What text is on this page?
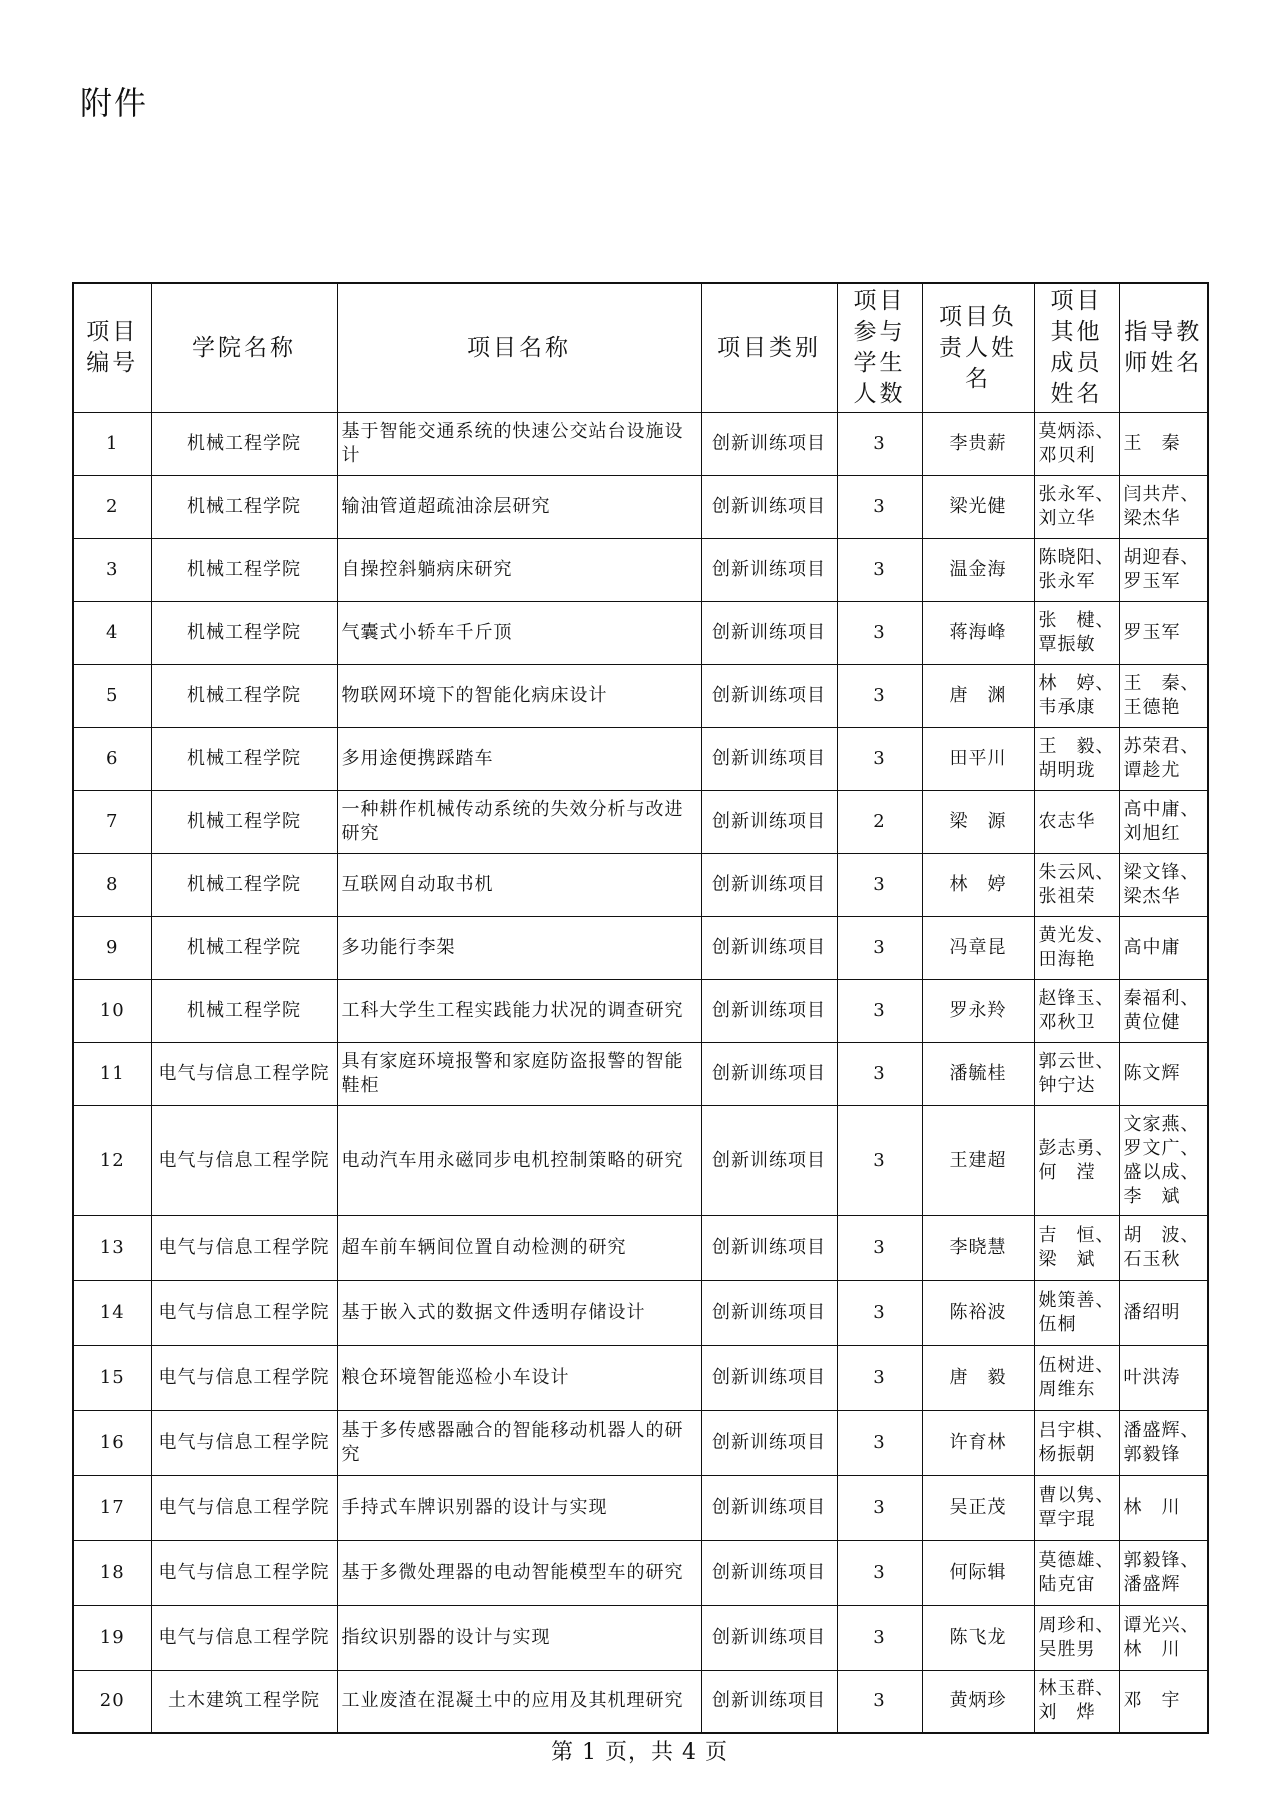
附件
项目编号	学院名称	项目名称	项目类别	项目参与学生人数	项目负责人姓名	项目其他成员姓名	指导教师姓名
1	机械工程学院	基于智能交通系统的快速公交站台设施设计	创新训练项目	3	李贵薪	莫炳添、邓贝利	王　秦
2	机械工程学院	输油管道超疏油涂层研究	创新训练项目	3	梁光健	张永军、刘立华	闫共芹、梁杰华
3	机械工程学院	自操控斜躺病床研究	创新训练项目	3	温金海	陈晓阳、张永军	胡迎春、罗玉军
4	机械工程学院	气囊式小轿车千斤顶	创新训练项目	3	蒋海峰	张　楗、覃振敏	罗玉军
5	机械工程学院	物联网环境下的智能化病床设计	创新训练项目	3	唐　渊	林　婷、韦承康	王　秦、王德艳
6	机械工程学院	多用途便携踩踏车	创新训练项目	3	田平川	王　毅、胡明珑	苏荣君、谭趁尤
7	机械工程学院	一种耕作机械传动系统的失效分析与改进研究	创新训练项目	2	梁　源	农志华	高中庸、刘旭红
8	机械工程学院	互联网自动取书机	创新训练项目	3	林　婷	朱云风、张祖荣	梁文锋、梁杰华
9	机械工程学院	多功能行李架	创新训练项目	3	冯章昆	黄光发、田海艳	高中庸
10	机械工程学院	工科大学生工程实践能力状况的调查研究	创新训练项目	3	罗永羚	赵锋玉、邓秋卫	秦福利、黄位健
11	电气与信息工程学院	具有家庭环境报警和家庭防盗报警的智能鞋柜	创新训练项目	3	潘毓桂	郭云世、钟宁达	陈文辉
12	电气与信息工程学院	电动汽车用永磁同步电机控制策略的研究	创新训练项目	3	王建超	彭志勇、何　滢	文家燕、罗文广、盛以成、李　斌
13	电气与信息工程学院	超车前车辆间位置自动检测的研究	创新训练项目	3	李晓慧	吉　恒、梁　斌	胡　波、石玉秋
14	电气与信息工程学院	基于嵌入式的数据文件透明存储设计	创新训练项目	3	陈裕波	姚策善、伍桐	潘绍明
15	电气与信息工程学院	粮仓环境智能巡检小车设计	创新训练项目	3	唐　毅	伍树进、周维东	叶洪涛
16	电气与信息工程学院	基于多传感器融合的智能移动机器人的研究	创新训练项目	3	许育林	吕宇棋、杨振朝	潘盛辉、郭毅锋
17	电气与信息工程学院	手持式车牌识别器的设计与实现	创新训练项目	3	吴正茂	曹以隽、覃宇琨	林　川
18	电气与信息工程学院	基于多微处理器的电动智能模型车的研究	创新训练项目	3	何际辑	莫德雄、陆克宙	郭毅锋、潘盛辉
19	电气与信息工程学院	指纹识别器的设计与实现	创新训练项目	3	陈飞龙	周珍和、吴胜男	谭光兴、林　川
20	土木建筑工程学院	工业废渣在混凝土中的应用及其机理研究	创新训练项目	3	黄炳珍	林玉群、刘　烨	邓　宇
第 1 页，共 4 页
